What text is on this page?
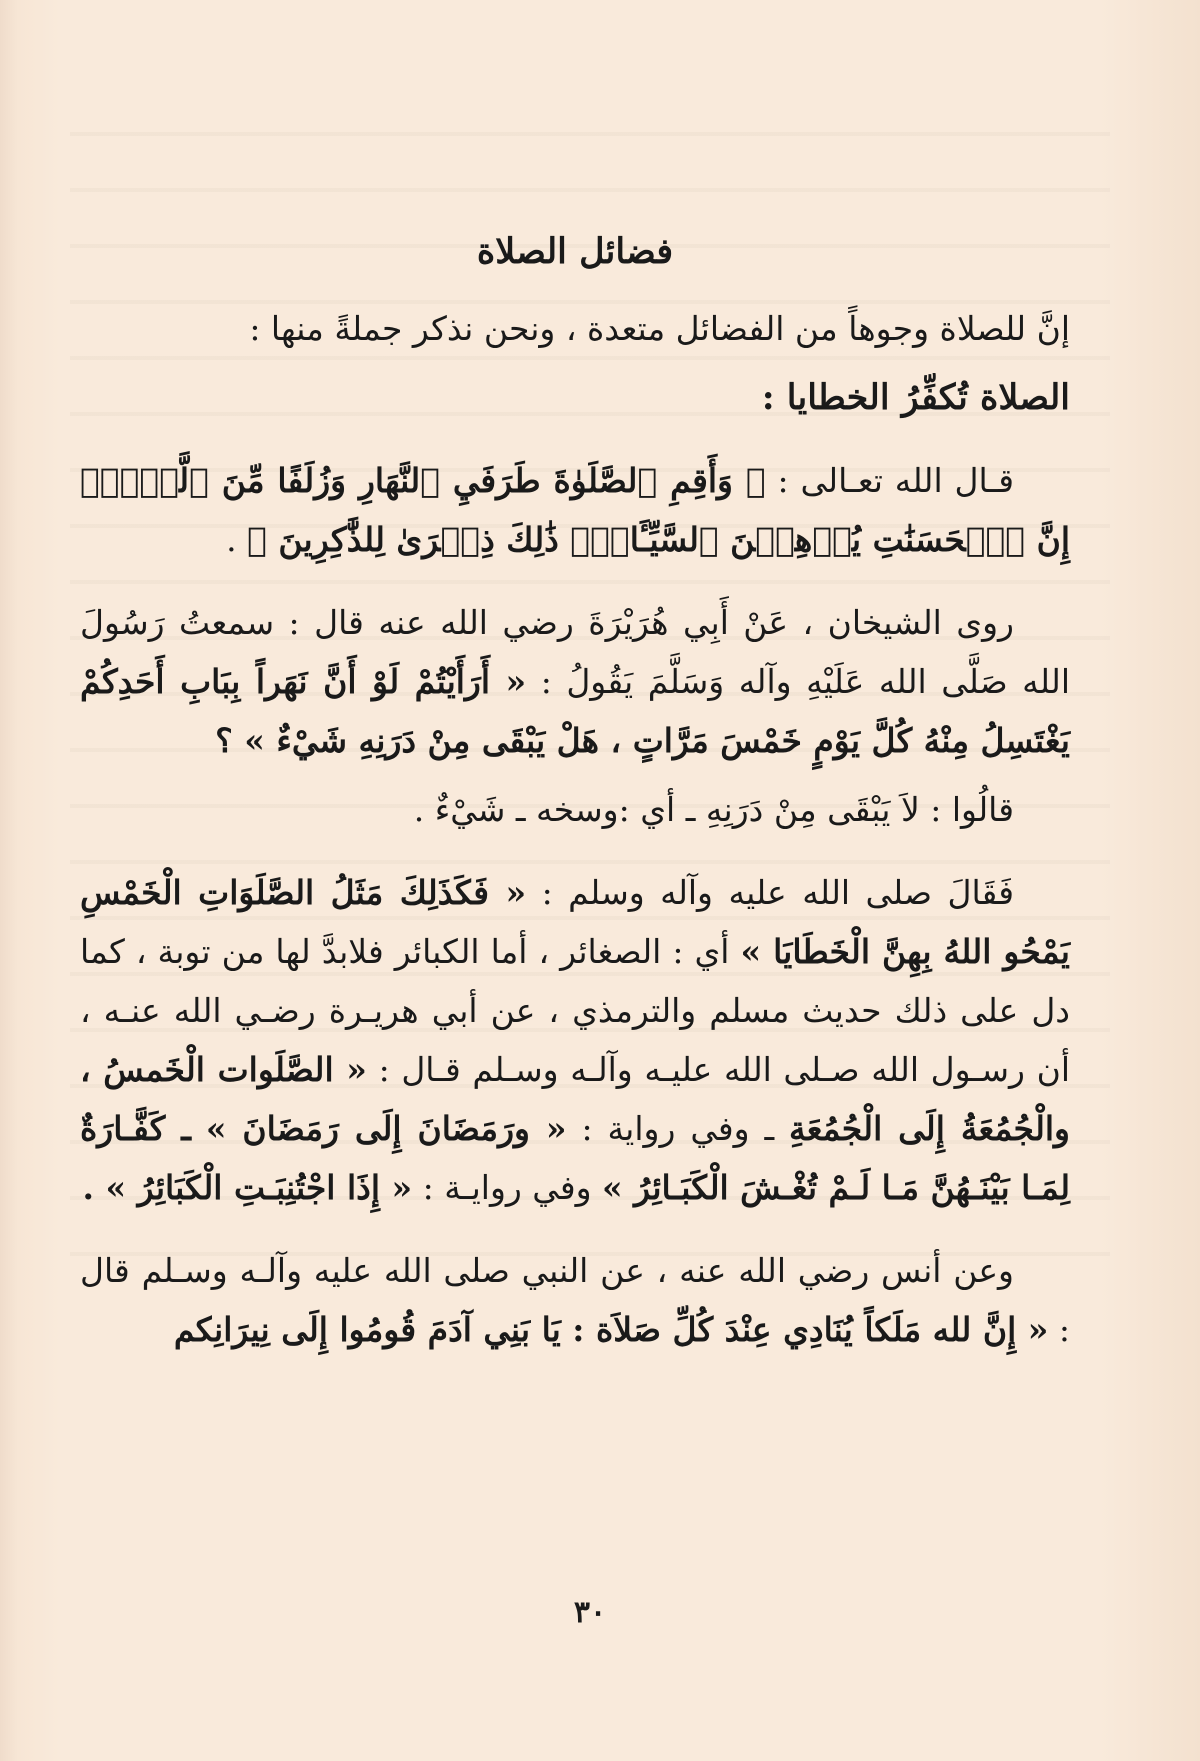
فضائل الصلاة

إنَّ للصلاة وجوهاً من الفضائل متعدة ، ونحن نذكر جملةً منها :

الصلاة تُكفِّرُ الخطايا :

قـال الله تعـالى : ﴿ وَأَقِمِ ٱلصَّلَوٰةَ طَرَفَيِ ٱلنَّهَارِ وَزُلَفًا مِّنَ ٱلَّيۡلِۚ إِنَّ ٱلۡحَسَنَٰتِ يُذۡهِبۡنَ ٱلسَّيِّـَٔاتِۚ ذَٰلِكَ ذِكۡرَىٰ لِلذَّٰكِرِينَ ﴾ .

روى الشيخان ، عَنْ أَبِي هُرَيْرَةَ رضي الله عنه قال : سمعتُ رَسُولَ الله صَلَّى الله عَلَيْهِ وآله وَسَلَّمَ يَقُولُ : « أَرَأَيْتُمْ لَوْ أَنَّ نَهَراً بِبَابِ أَحَدِكُمْ يَغْتَسِلُ مِنْهُ كُلَّ يَوْمٍ خَمْسَ مَرَّاتٍ ، هَلْ يَبْقَى مِنْ دَرَنِهِ شَيْءٌ » ؟

قالُوا : لاَ يَبْقَى مِنْ دَرَنِهِ ـ أي :وسخه ـ شَيْءٌ .

فَقَالَ صلى الله عليه وآله وسلم : « فَكَذَلِكَ مَثَلُ الصَّلَوَاتِ الْخَمْسِ يَمْحُو اللهُ بِهِنَّ الْخَطَايَا » أي : الصغائر ، أما الكبائر فلابدَّ لها من توبة ، كما دل على ذلك حديث مسلم والترمذي ، عن أبي هريـرة رضـي الله عنـه ، أن رسـول الله صـلى الله عليـه وآلـه وسـلم قـال : « الصَّلَوات الْخَمسُ ، والْجُمُعَةُ إِلَى الْجُمُعَةِ ـ وفي رواية : « ورَمَضَانَ إِلَى رَمَضَانَ » ـ كَفَّـارَةٌ لِمَـا بَيْنَـهُنَّ مَـا لَـمْ تُغْـشَ الْكَبَـائِرُ » وفي روايـة : « إِذَا اجْتُنِبَـتِ الْكَبَائِرُ » .

وعن أنس رضي الله عنه ، عن النبي صلى الله عليه وآلـه وسـلم قال : « إِنَّ لله مَلَكاً يُنَادِي عِنْدَ كُلِّ صَلاَة : يَا بَنِي آدَمَ قُومُوا إِلَى نِيرَانِكم

٣٠
